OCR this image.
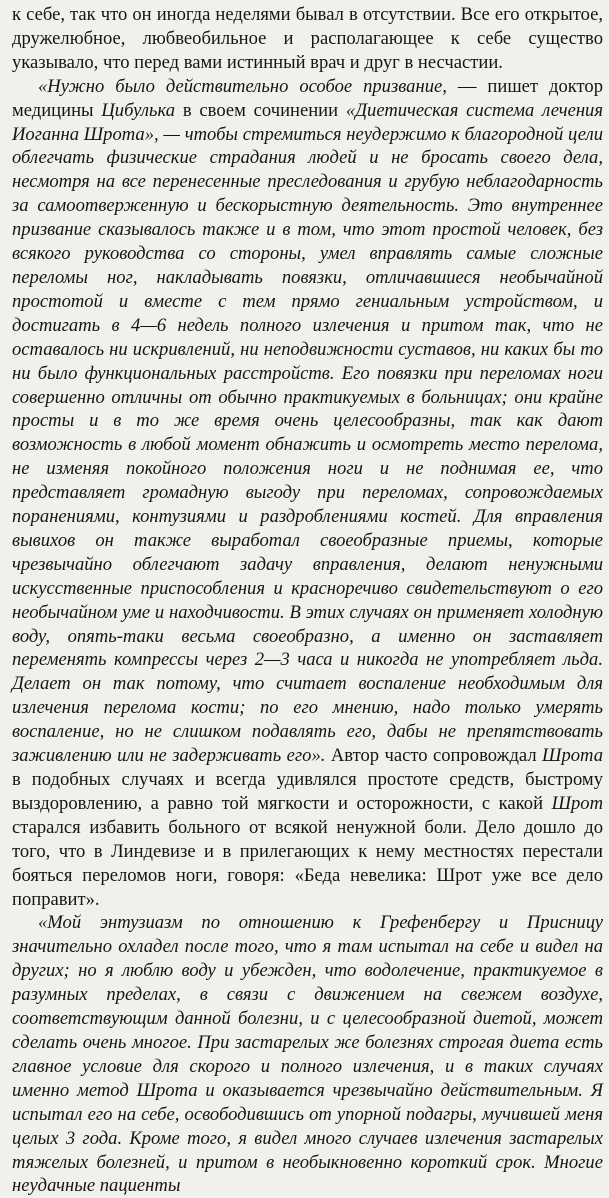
к себе, так что он иногда неделями бывал в отсутствии. Все его открытое, дружелюбное, любвеобильное и располагающее к себе существо указывало, что перед вами истинный врач и друг в несчастии.

«Нужно было действительно особое призвание, — пишет доктор медицины Цибулька в своем сочинении «Диетическая система лечения Иоганна Шрота», — чтобы стремиться неудержимо к благородной цели облегчать физические страдания людей и не бросать своего дела, несмотря на все перенесенные преследования и грубую неблагодарность за самоотверженную и бескорыстную деятельность. Это внутреннее призвание сказывалось также и в том, что этот простой человек, без всякого руководства со стороны, умел вправлять самые сложные переломы ног, накладывать повязки, отличавшиеся необычайной простотой и вместе с тем прямо гениальным устройством, и достигать в 4—6 недель полного излечения и притом так, что не оставалось ни искривлений, ни неподвижности суставов, ни каких бы то ни было функциональных расстройств. Его повязки при переломах ноги совершенно отличны от обычно практикуемых в больницах; они крайне просты и в то же время очень целесообразны, так как дают возможность в любой момент обнажить и осмотреть место перелома, не изменяя покойного положения ноги и не поднимая ее, что представляет громадную выгоду при переломах, сопровождаемых поранениями, контузиями и раздроблениями костей. Для вправления вывихов он также выработал своеобразные приемы, которые чрезвычайно облегчают задачу вправления, делают ненужными искусственные приспособления и красноречиво свидетельствуют о его необычайном уме и находчивости. В этих случаях он применяет холодную воду, опять-таки весьма своеобразно, а именно он заставляет переменять компрессы через 2—3 часа и никогда не употребляет льда. Делает он так потому, что считает воспаление необходимым для излечения перелома кости; по его мнению, надо только умерять воспаление, но не слишком подавлять его, дабы не препятствовать заживлению или не задерживать его». Автор часто сопровождал Шрота в подобных случаях и всегда удивлялся простоте средств, быстрому выздоровлению, а равно той мягкости и осторожности, с какой Шрот старался избавить больного от всякой ненужной боли. Дело дошло до того, что в Линдевизе и в прилегающих к нему местностях перестали бояться переломов ноги, говоря: «Беда невелика: Шрот уже все дело поправит».

«Мой энтузиазм по отношению к Грефенбергу и Присницу значительно охладел после того, что я там испытал на себе и видел на других; но я люблю воду и убежден, что водолечение, практикуемое в разумных пределах, в связи с движением на свежем воздухе, соответствующим данной болезни, и с целесообразной диетой, может сделать очень многое. При застарелых же болезнях строгая диета есть главное условие для скорого и полного излечения, и в таких случаях именно метод Шрота и оказывается чрезвычайно действительным. Я испытал его на себе, освободившись от упорной подагры, мучившей меня целых 3 года. Кроме того, я видел много случаев излечения застарелых тяжелых болезней, и притом в необыкновенно короткий срок. Многие неудачные пациенты
